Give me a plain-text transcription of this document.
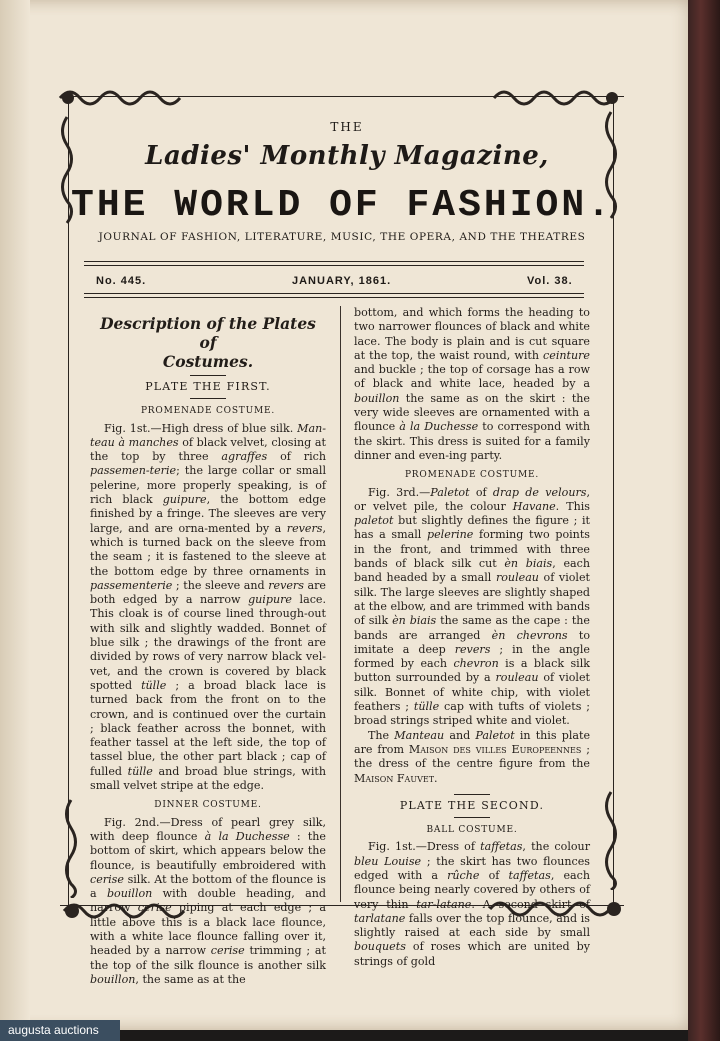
THE
Ladies' Monthly Magazine,
THE WORLD OF FASHION.
JOURNAL OF FASHION, LITERATURE, MUSIC, THE OPERA, AND THE THEATRES
No. 445.	JANUARY, 1861.	Vol. 38.
Description of the Plates of
Costumes.
PLATE THE FIRST.
PROMENADE COSTUME.

Fig. 1st.—High dress of blue silk. Man-teau à manches of black velvet, closing at the top by three agraffes of rich passemen-terie; the large collar or small pelerine, more properly speaking, is of rich black guipure, the bottom edge finished by a fringe. The sleeves are very large, and are orna-mented by a revers, which is turned back on the sleeve from the seam ; it is fastened to the sleeve at the bottom edge by three ornaments in passementerie ; the sleeve and revers are both edged by a narrow guipure lace. This cloak is of course lined through-out with silk and slightly wadded. Bonnet of blue silk ; the drawings of the front are divided by rows of very narrow black vel-vet, and the crown is covered by black spotted tülle ; a broad black lace is turned back from the front on to the crown, and is continued over the curtain ; black feather across the bonnet, with feather tassel at the left side, the top of tassel blue, the other part black ; cap of fulled tülle and broad blue strings, with small velvet stripe at the edge.

DINNER COSTUME.

Fig. 2nd.—Dress of pearl grey silk, with deep flounce à la Duchesse : the bottom of skirt, which appears below the flounce, is beautifully embroidered with cerise silk. At the bottom of the flounce is a bouillon with double heading, and narrow cerise piping at each edge ; a little above this is a black lace flounce, with a white lace flounce falling over it, headed by a narrow cerise trimming ; at the top of the silk flounce is another silk bouillon, the same as at the

bottom, and which forms the heading to two narrower flounces of black and white lace. The body is plain and is cut square at the top, the waist round, with ceinture and buckle ; the top of corsage has a row of black and white lace, headed by a bouillon the same as on the skirt : the very wide sleeves are ornamented with a flounce à la Duchesse to correspond with the skirt. This dress is suited for a family dinner and even-ing party.

PROMENADE COSTUME.

Fig. 3rd.—Paletot of drap de velours, or velvet pile, the colour Havane. This paletot but slightly defines the figure ; it has a small pelerine forming two points in the front, and trimmed with three bands of black silk cut èn biais, each band headed by a small rouleau of violet silk. The large sleeves are slightly shaped at the elbow, and are trimmed with bands of silk èn biais the same as the cape : the bands are arranged èn chevrons to imitate a deep revers ; in the angle formed by each chevron is a black silk button surrounded by a rouleau of violet silk. Bonnet of white chip, with violet feathers ; tülle cap with tufts of violets ; broad strings striped white and violet.

The Manteau and Paletot in this plate are from Maison des villes Europeennes ; the dress of the centre figure from the Maison Fauvet.

PLATE THE SECOND.
BALL COSTUME.

Fig. 1st.—Dress of taffetas, the colour bleu Louise ; the skirt has two flounces edged with a rûche of taffetas, each flounce being nearly covered by others of very thin tar-latane. A second skirt of tarlatane falls over the top flounce, and is slightly raised at each side by small bouquets of roses which are united by strings of gold

augusta auctions
